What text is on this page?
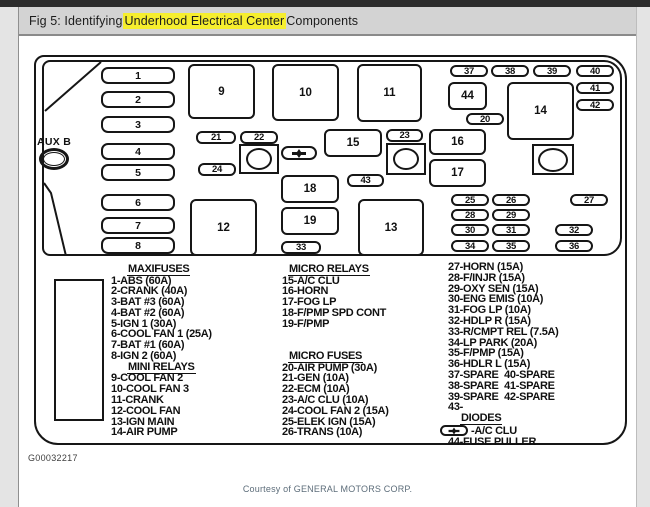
Fig 5: Identifying Underhood Electrical Center Components
AUX B
1
2
3
4
5
6
7
8
9	10	11
12	13
14
15	16
17
18
19
20
21	22	23
24
25	26	27
28	29
30	31	32
33	34	35	36
37	38	39	40
41
42
43
44
MAXIFUSES
1-ABS (60A)
2-CRANK (40A)
3-BAT #3 (60A)
4-BAT #2 (60A)
5-IGN 1 (30A)
6-COOL FAN 1 (25A)
7-BAT #1 (60A)
8-IGN 2 (60A)
MINI RELAYS
9-COOL FAN 2
10-COOL FAN 3
11-CRANK
12-COOL FAN
13-IGN MAIN
14-AIR PUMP
MICRO RELAYS
15-A/C CLU
16-HORN
17-FOG LP
18-F/PMP SPD CONT
19-F/PMP
MICRO FUSES
20-AIR PUMP (30A)
21-GEN (10A)
22-ECM (10A)
23-A/C CLU (10A)
24-COOL FAN 2 (15A)
25-ELEK IGN (15A)
26-TRANS (10A)
27-HORN (15A)
28-F/INJR (15A)
29-OXY SEN (15A)
30-ENG EMIS (10A)
31-FOG LP (10A)
32-HDLP R (15A)
33-R/CMPT REL (7.5A)
34-LP PARK (20A)
35-F/PMP (15A)
36-HDLR L (15A)
37-SPARE  40-SPARE
38-SPARE  41-SPARE
39-SPARE  42-SPARE
43-
DIODES
-A/C CLU
44-FUSE PULLER
G00032217
Courtesy of GENERAL MOTORS CORP.
